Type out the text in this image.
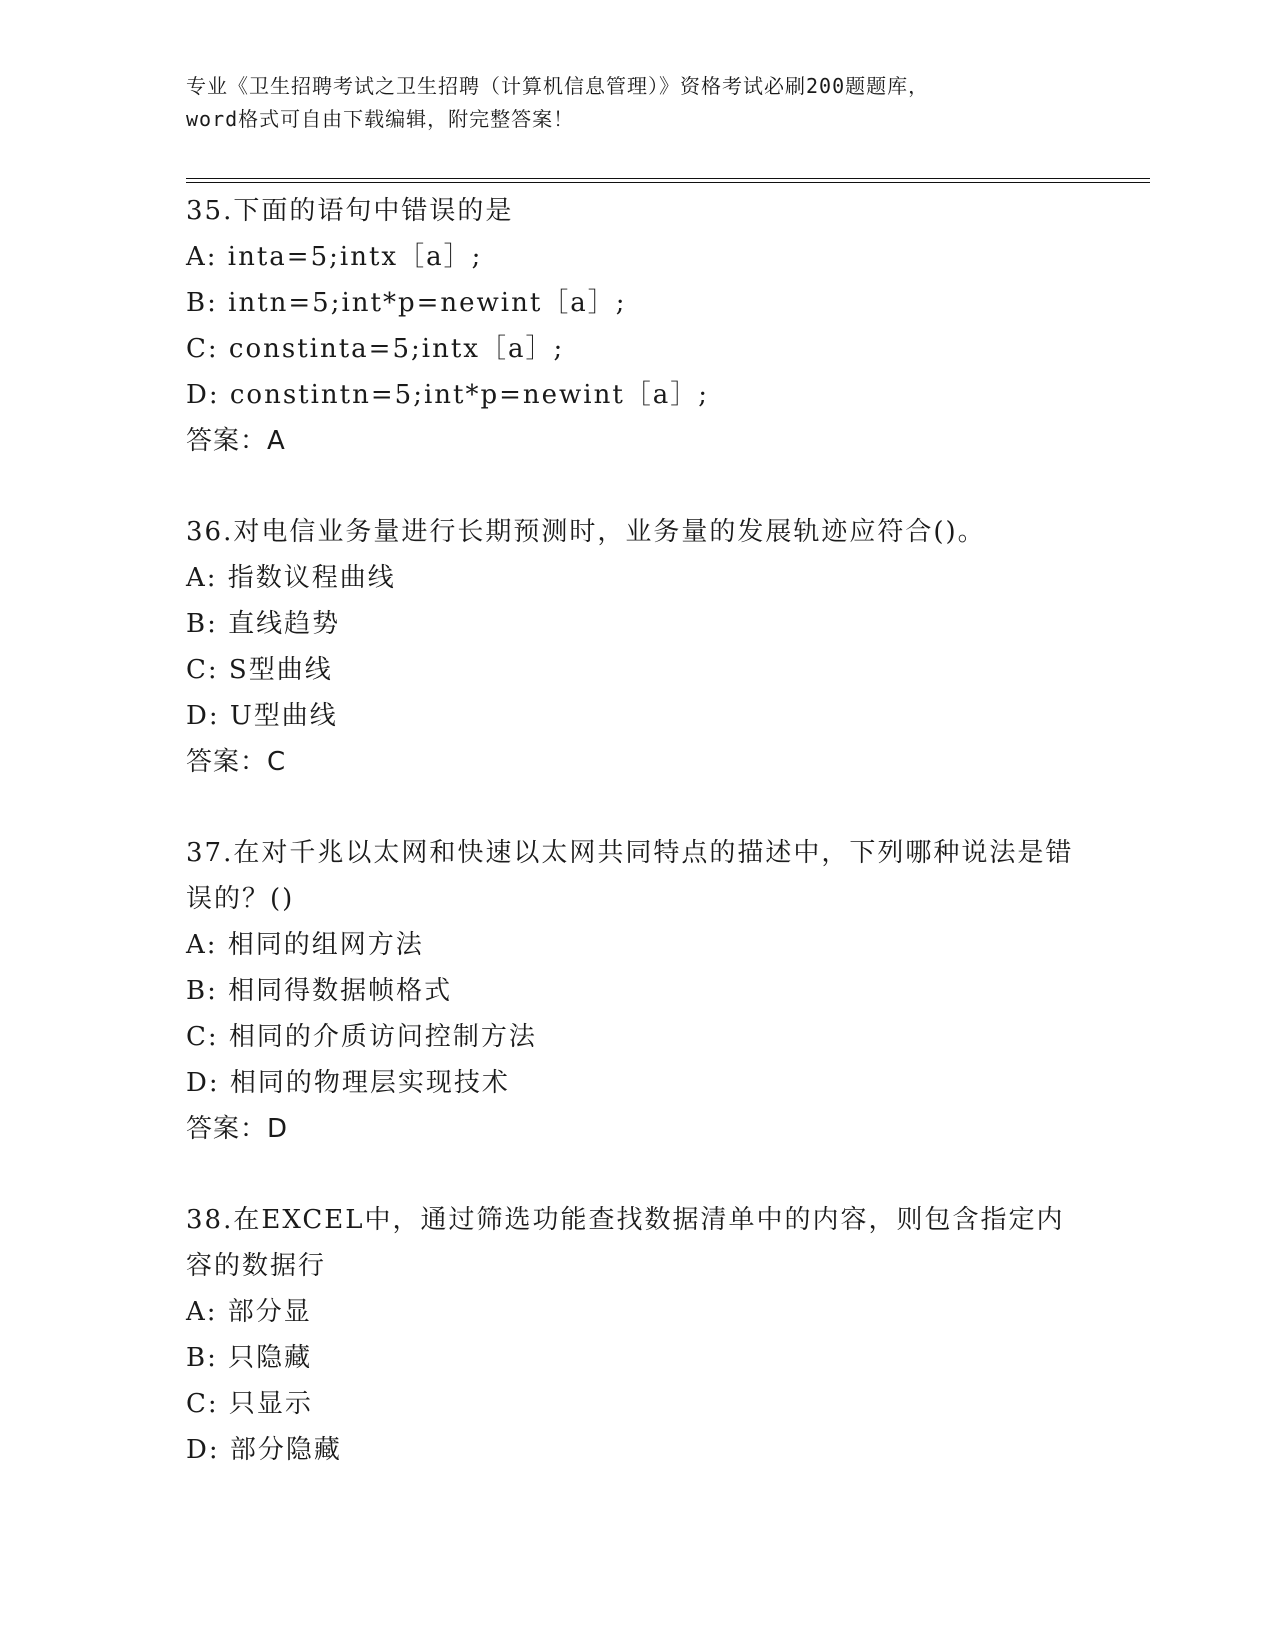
专业《卫生招聘考试之卫生招聘（计算机信息管理）》资格考试必刷200题题库，
word格式可自由下载编辑，附完整答案！

35.下面的语句中错误的是

A: inta=5;intx［a］;

B: intn=5;int*p=newint［a］;

C: constinta=5;intx［a］;

D: constintn=5;int*p=newint［a］;

答案：A

36.对电信业务量进行长期预测时，业务量的发展轨迹应符合()。

A: 指数议程曲线

B: 直线趋势

C: S型曲线

D: U型曲线

答案：C

37.在对千兆以太网和快速以太网共同特点的描述中，下列哪种说法是错误的？()

A: 相同的组网方法

B: 相同得数据帧格式

C: 相同的介质访问控制方法

D: 相同的物理层实现技术

答案：D

38.在EXCEL中，通过筛选功能查找数据清单中的内容，则包含指定内容的数据行

A: 部分显

B: 只隐藏

C: 只显示

D: 部分隐藏
